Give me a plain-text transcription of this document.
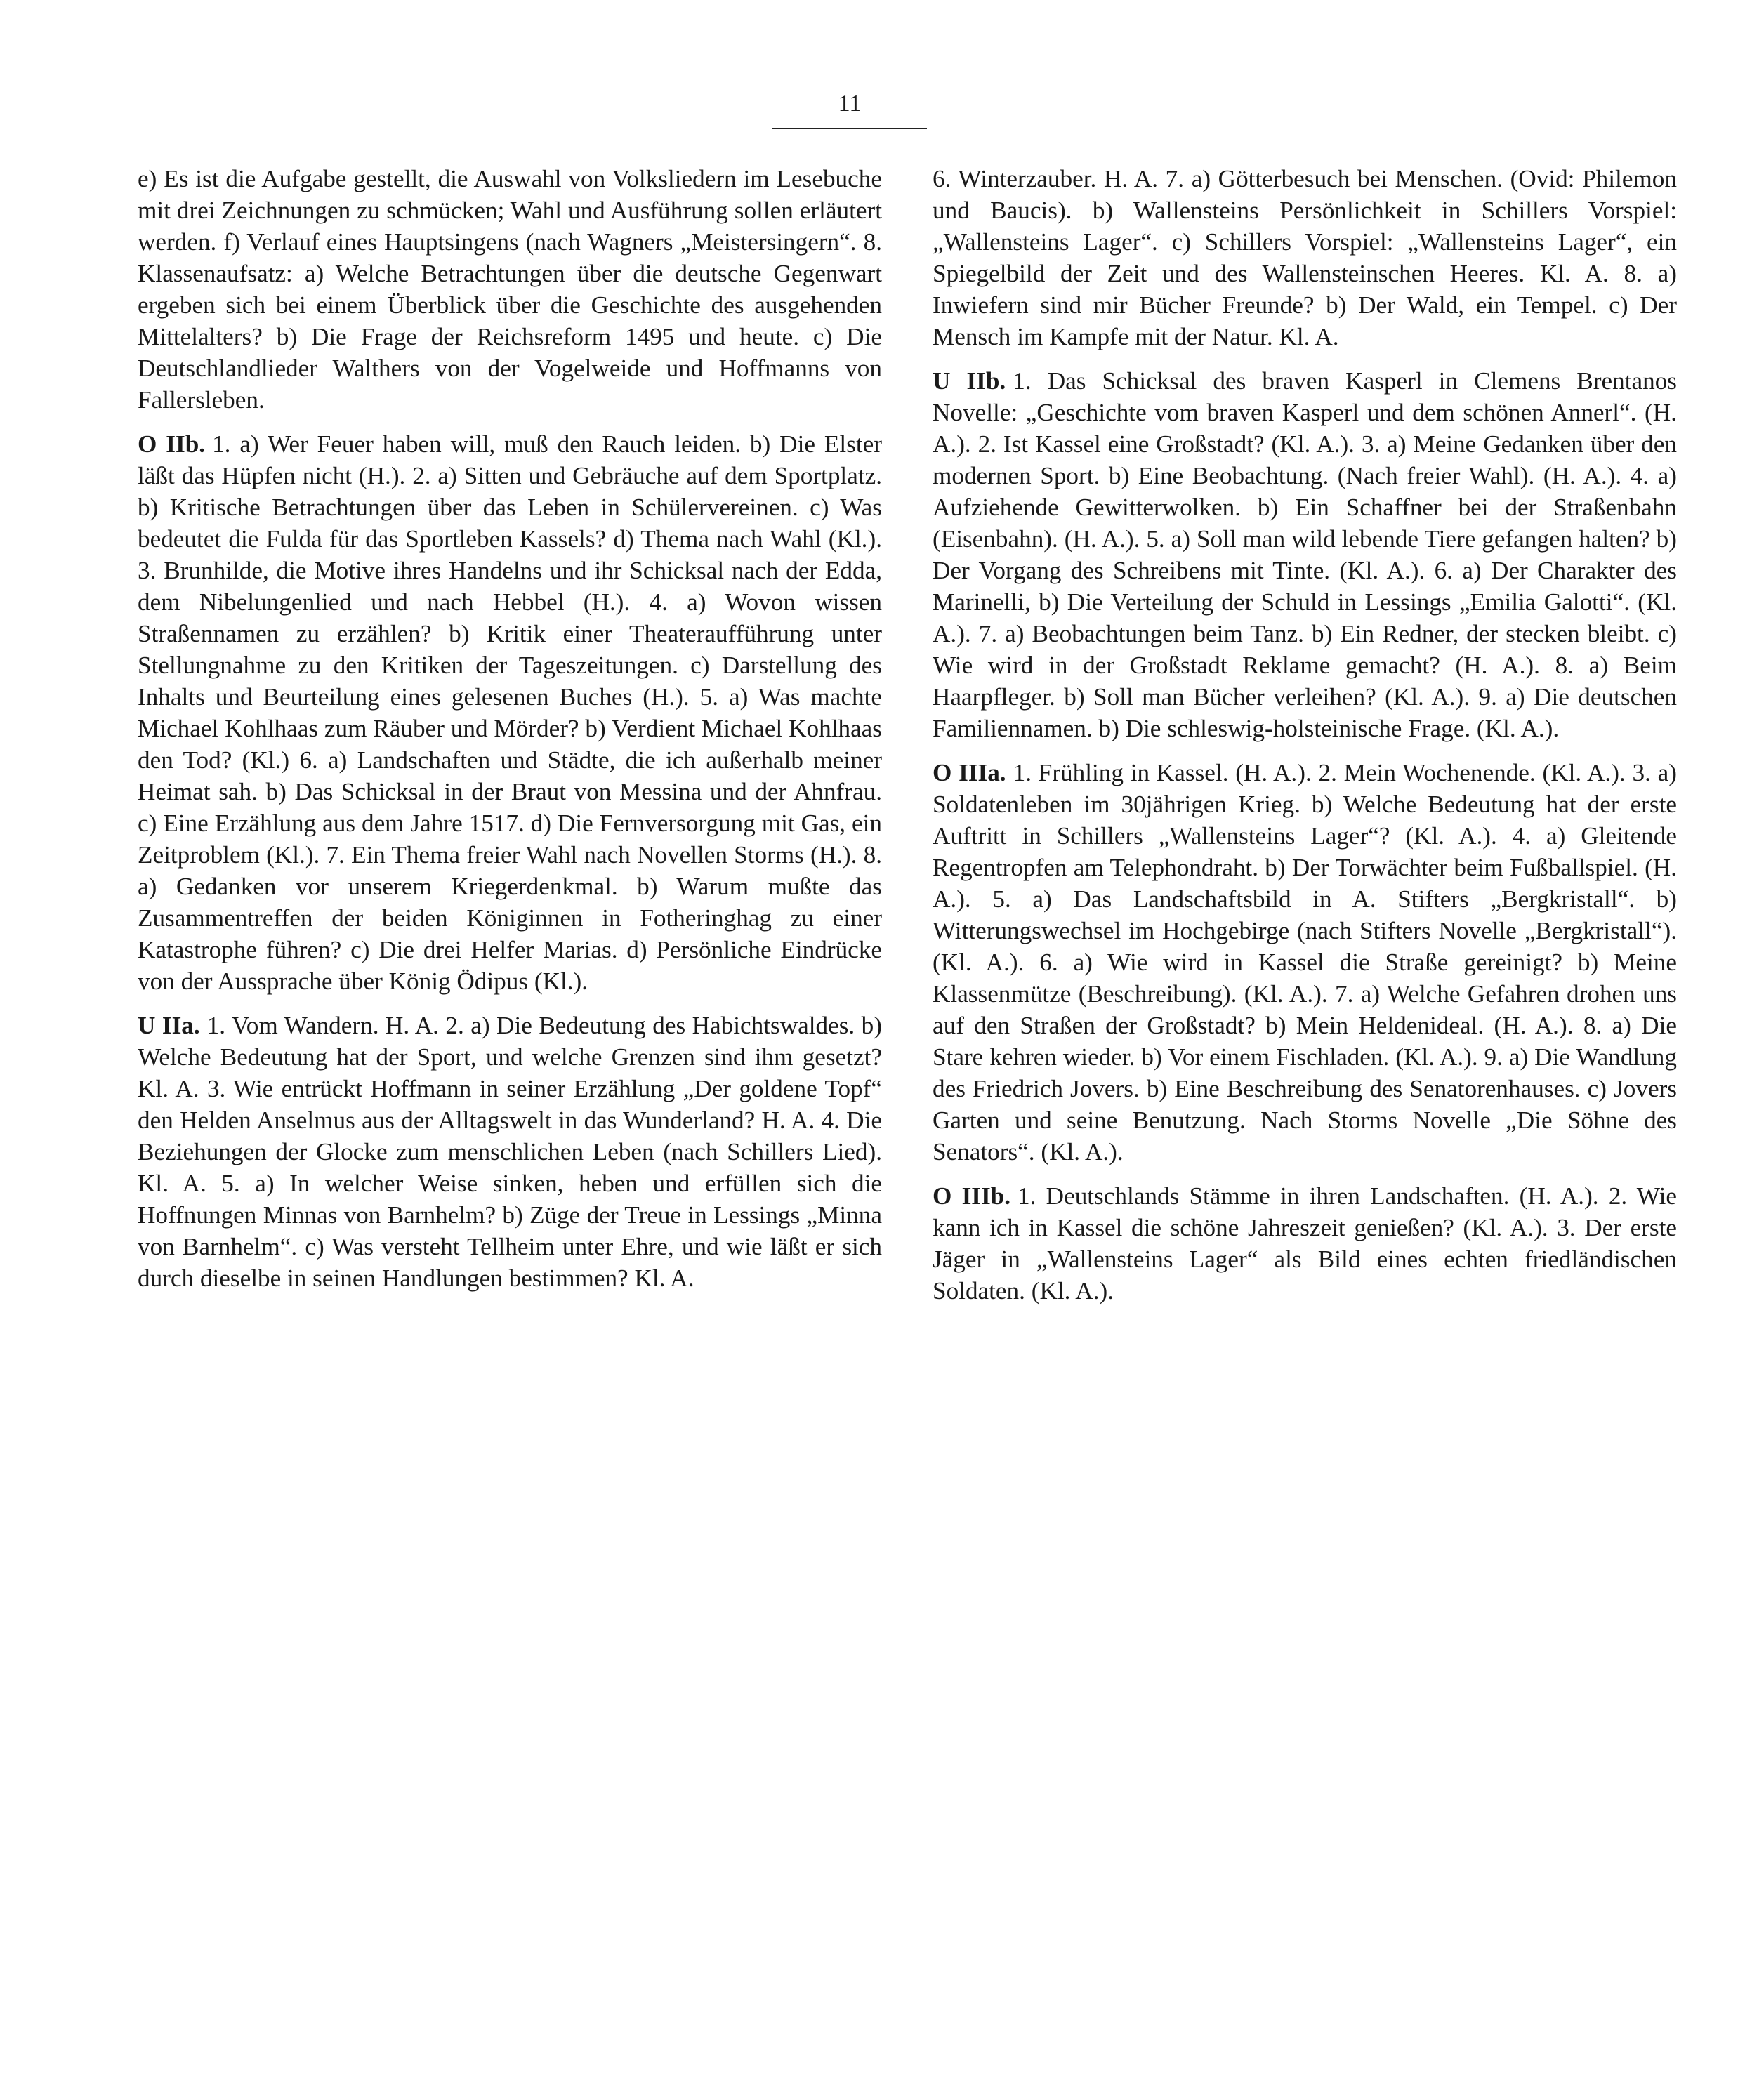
11

e) Es ist die Aufgabe gestellt, die Auswahl von Volksliedern im Lesebuche mit drei Zeichnungen zu schmücken; Wahl und Ausführung sollen erläutert werden. f) Verlauf eines Hauptsingens (nach Wagners „Meistersingern“. 8. Klassenaufsatz: a) Welche Betrachtungen über die deutsche Gegenwart ergeben sich bei einem Überblick über die Geschichte des ausgehenden Mittelalters? b) Die Frage der Reichsreform 1495 und heute. c) Die Deutschlandlieder Walthers von der Vogelweide und Hoffmanns von Fallersleben.

O IIb. 1. a) Wer Feuer haben will, muß den Rauch leiden. b) Die Elster läßt das Hüpfen nicht (H.). 2. a) Sitten und Gebräuche auf dem Sportplatz. b) Kritische Betrachtungen über das Leben in Schülervereinen. c) Was bedeutet die Fulda für das Sportleben Kassels? d) Thema nach Wahl (Kl.). 3. Brunhilde, die Motive ihres Handelns und ihr Schicksal nach der Edda, dem Nibelungenlied und nach Hebbel (H.). 4. a) Wovon wissen Straßennamen zu erzählen? b) Kritik einer Theateraufführung unter Stellungnahme zu den Kritiken der Tageszeitungen. c) Darstellung des Inhalts und Beurteilung eines gelesenen Buches (H.). 5. a) Was machte Michael Kohlhaas zum Räuber und Mörder? b) Verdient Michael Kohlhaas den Tod? (Kl.) 6. a) Landschaften und Städte, die ich außerhalb meiner Heimat sah. b) Das Schicksal in der Braut von Messina und der Ahnfrau. c) Eine Erzählung aus dem Jahre 1517. d) Die Fernversorgung mit Gas, ein Zeitproblem (Kl.). 7. Ein Thema freier Wahl nach Novellen Storms (H.). 8. a) Gedanken vor unserem Kriegerdenkmal. b) Warum mußte das Zusammentreffen der beiden Königinnen in Fotheringhag zu einer Katastrophe führen? c) Die drei Helfer Marias. d) Persönliche Eindrücke von der Aussprache über König Ödipus (Kl.).

U IIa. 1. Vom Wandern. H. A. 2. a) Die Bedeutung des Habichtswaldes. b) Welche Bedeutung hat der Sport, und welche Grenzen sind ihm gesetzt? Kl. A. 3. Wie entrückt Hoffmann in seiner Erzählung „Der goldene Topf“ den Helden Anselmus aus der Alltagswelt in das Wunderland? H. A. 4. Die Beziehungen der Glocke zum menschlichen Leben (nach Schillers Lied). Kl. A. 5. a) In welcher Weise sinken, heben und erfüllen sich die Hoffnungen Minnas von Barnhelm? b) Züge der Treue in Lessings „Minna von Barnhelm“. c) Was versteht Tellheim unter Ehre, und wie läßt er sich durch dieselbe in seinen Handlungen bestimmen? Kl. A.

6. Winterzauber. H. A. 7. a) Götterbesuch bei Menschen. (Ovid: Philemon und Baucis). b) Wallensteins Persönlichkeit in Schillers Vorspiel: „Wallensteins Lager“. c) Schillers Vorspiel: „Wallensteins Lager“, ein Spiegelbild der Zeit und des Wallensteinschen Heeres. Kl. A. 8. a) Inwiefern sind mir Bücher Freunde? b) Der Wald, ein Tempel. c) Der Mensch im Kampfe mit der Natur. Kl. A.

U IIb. 1. Das Schicksal des braven Kasperl in Clemens Brentanos Novelle: „Geschichte vom braven Kasperl und dem schönen Annerl“. (H. A.). 2. Ist Kassel eine Großstadt? (Kl. A.). 3. a) Meine Gedanken über den modernen Sport. b) Eine Beobachtung. (Nach freier Wahl). (H. A.). 4. a) Aufziehende Gewitterwolken. b) Ein Schaffner bei der Straßenbahn (Eisenbahn). (H. A.). 5. a) Soll man wild lebende Tiere gefangen halten? b) Der Vorgang des Schreibens mit Tinte. (Kl. A.). 6. a) Der Charakter des Marinelli, b) Die Verteilung der Schuld in Lessings „Emilia Galotti“. (Kl. A.). 7. a) Beobachtungen beim Tanz. b) Ein Redner, der stecken bleibt. c) Wie wird in der Großstadt Reklame gemacht? (H. A.). 8. a) Beim Haarpfleger. b) Soll man Bücher verleihen? (Kl. A.). 9. a) Die deutschen Familiennamen. b) Die schleswig-holsteinische Frage. (Kl. A.).

O IIIa. 1. Frühling in Kassel. (H. A.). 2. Mein Wochenende. (Kl. A.). 3. a) Soldatenleben im 30jährigen Krieg. b) Welche Bedeutung hat der erste Auftritt in Schillers „Wallensteins Lager“? (Kl. A.). 4. a) Gleitende Regentropfen am Telephondraht. b) Der Torwächter beim Fußballspiel. (H. A.). 5. a) Das Landschaftsbild in A. Stifters „Bergkristall“. b) Witterungswechsel im Hochgebirge (nach Stifters Novelle „Bergkristall“). (Kl. A.). 6. a) Wie wird in Kassel die Straße gereinigt? b) Meine Klassenmütze (Beschreibung). (Kl. A.). 7. a) Welche Gefahren drohen uns auf den Straßen der Großstadt? b) Mein Heldenideal. (H. A.). 8. a) Die Stare kehren wieder. b) Vor einem Fischladen. (Kl. A.). 9. a) Die Wandlung des Friedrich Jovers. b) Eine Beschreibung des Senatorenhauses. c) Jovers Garten und seine Benutzung. Nach Storms Novelle „Die Söhne des Senators“. (Kl. A.).

O IIIb. 1. Deutschlands Stämme in ihren Landschaften. (H. A.). 2. Wie kann ich in Kassel die schöne Jahreszeit genießen? (Kl. A.). 3. Der erste Jäger in „Wallensteins Lager“ als Bild eines echten friedländischen Soldaten. (Kl. A.).
